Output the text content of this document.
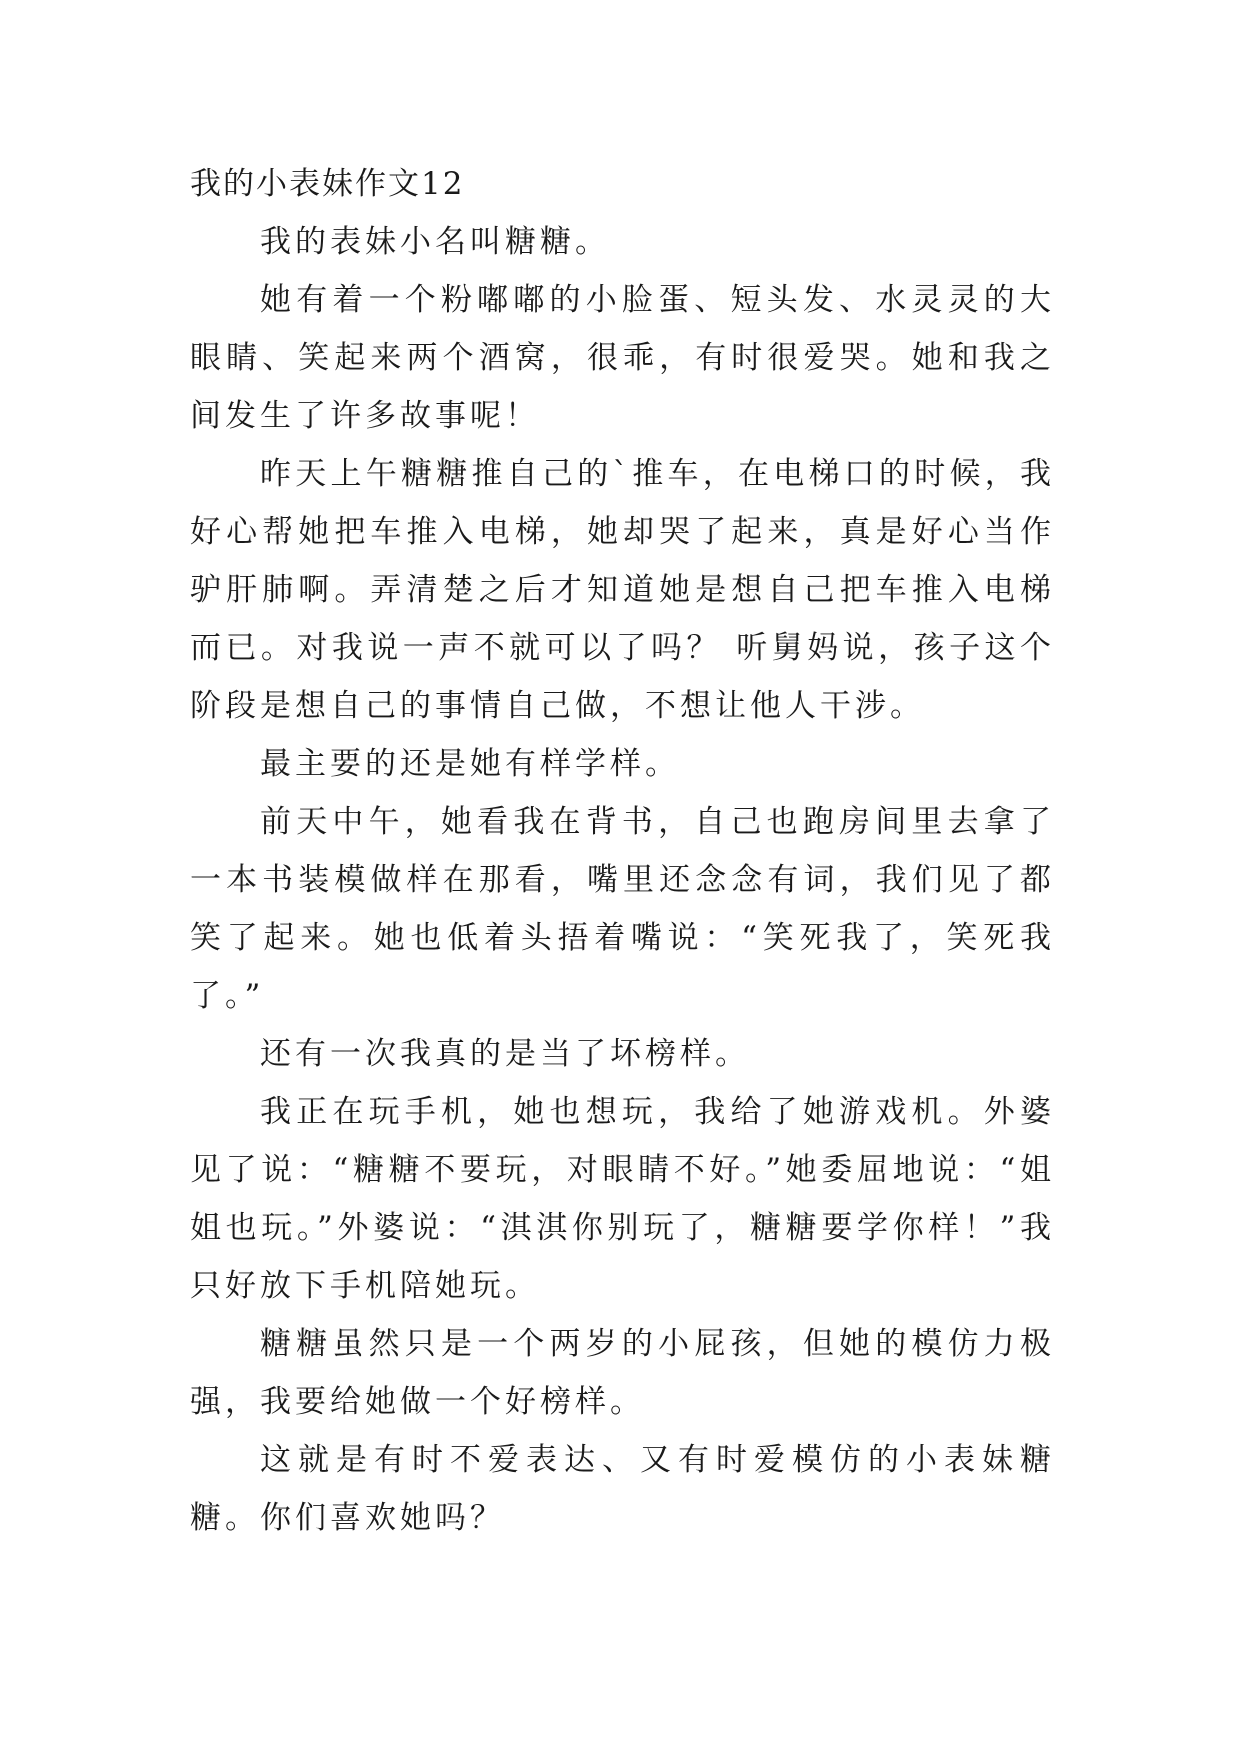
我的小表妹作文12

我的表妹小名叫糖糖。

她有着一个粉嘟嘟的小脸蛋、短头发、水灵灵的大眼睛、笑起来两个酒窝，很乖，有时很爱哭。她和我之间发生了许多故事呢！

昨天上午糖糖推自己的`推车，在电梯口的时候，我好心帮她把车推入电梯，她却哭了起来，真是好心当作驴肝肺啊。弄清楚之后才知道她是想自己把车推入电梯而已。对我说一声不就可以了吗？ 听舅妈说，孩子这个阶段是想自己的事情自己做，不想让他人干涉。

最主要的还是她有样学样。

前天中午，她看我在背书，自己也跑房间里去拿了一本书装模做样在那看，嘴里还念念有词，我们见了都笑了起来。她也低着头捂着嘴说：“笑死我了，笑死我了。”

还有一次我真的是当了坏榜样。

我正在玩手机，她也想玩，我给了她游戏机。外婆见了说：“糖糖不要玩，对眼睛不好。”她委屈地说：“姐姐也玩。”外婆说：“淇淇你别玩了，糖糖要学你样！”我只好放下手机陪她玩。

糖糖虽然只是一个两岁的小屁孩，但她的模仿力极强，我要给她做一个好榜样。

这就是有时不爱表达、又有时爱模仿的小表妹糖糖。你们喜欢她吗？
